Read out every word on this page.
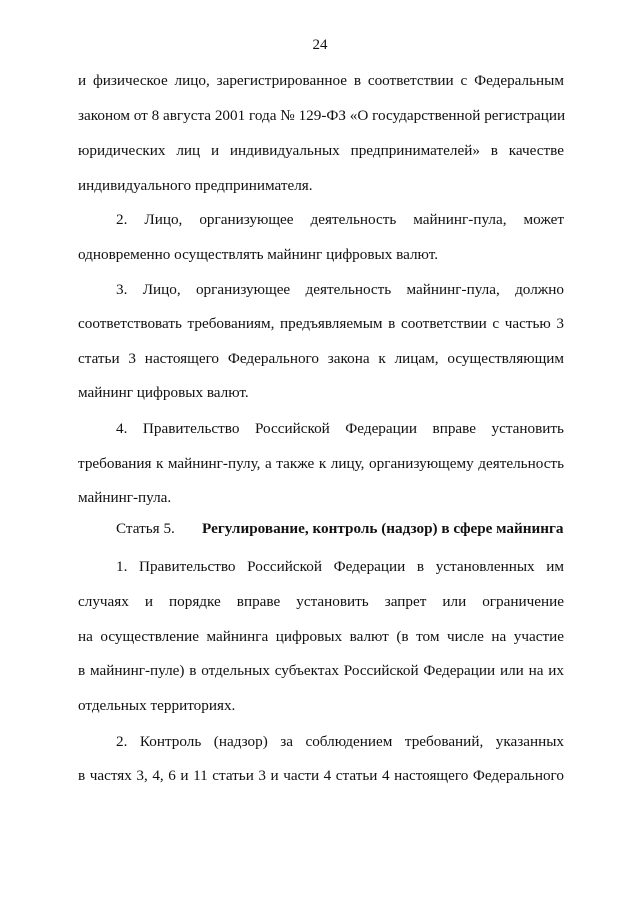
24
и физическое лицо, зарегистрированное в соответствии с Федеральным
законом от 8 августа 2001 года № 129-ФЗ «О государственной регистрации
юридических лиц и индивидуальных предпринимателей» в качестве
индивидуального предпринимателя.
2. Лицо, организующее деятельность майнинг-пула, может
одновременно осуществлять майнинг цифровых валют.
3. Лицо, организующее деятельность майнинг-пула, должно
соответствовать требованиям, предъявляемым в соответствии с частью 3
статьи 3 настоящего Федерального закона к лицам, осуществляющим
майнинг цифровых валют.
4. Правительство Российской Федерации вправе установить
требования к майнинг-пулу, а также к лицу, организующему деятельность
майнинг-пула.
Статья 5. Регулирование, контроль (надзор) в сфере майнинга
1. Правительство Российской Федерации в установленных им
случаях и порядке вправе установить запрет или ограничение
на осуществление майнинга цифровых валют (в том числе на участие
в майнинг-пуле) в отдельных субъектах Российской Федерации или на их
отдельных территориях.
2. Контроль (надзор) за соблюдением требований, указанных
в частях 3, 4, 6 и 11 статьи 3 и части 4 статьи 4 настоящего Федерального
